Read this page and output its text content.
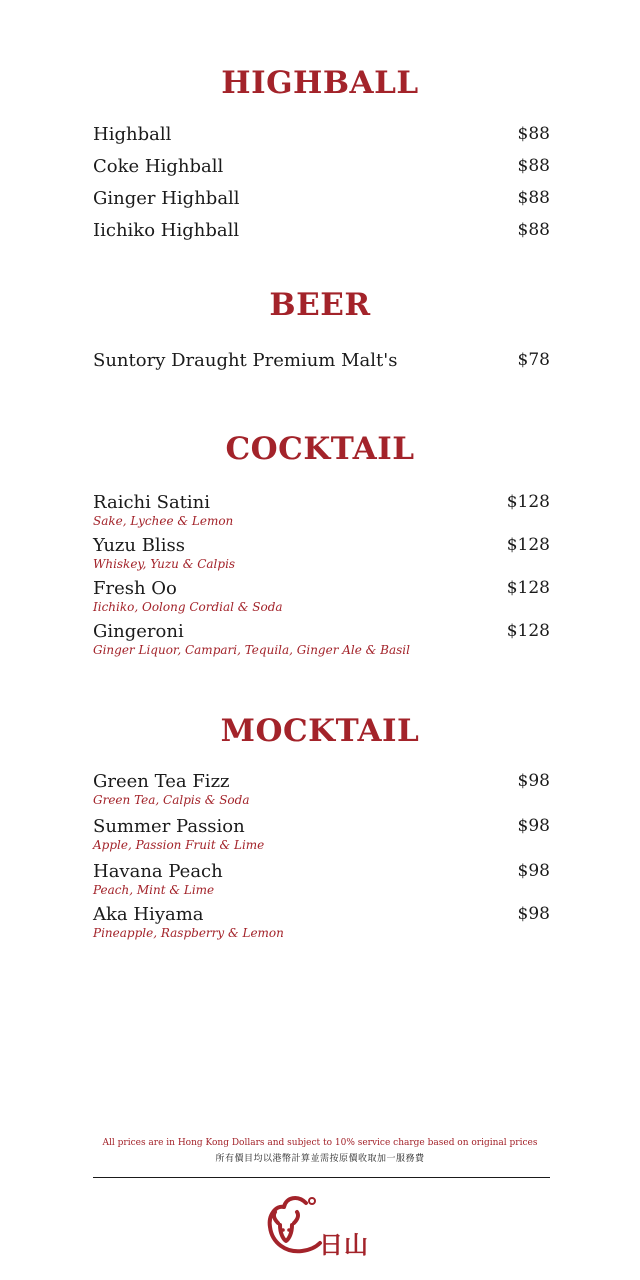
HIGHBALL
Highball	$88
Coke Highball	$88
Ginger Highball	$88
Iichiko Highball	$88
BEER
Suntory Draught Premium Malt's	$78
COCKTAIL
Raichi Satini	$128
Sake, Lychee & Lemon
Yuzu Bliss	$128
Whiskey, Yuzu & Calpis
Fresh Oo	$128
Iichiko, Oolong Cordial & Soda
Gingeroni	$128
Ginger Liquor, Campari, Tequila, Ginger Ale & Basil
MOCKTAIL
Green Tea Fizz	$98
Green Tea, Calpis & Soda
Summer Passion	$98
Apple, Passion Fruit & Lime
Havana Peach	$98
Peach, Mint & Lime
Aka Hiyama	$98
Pineapple, Raspberry & Lemon
All prices are in Hong Kong Dollars and subject to 10% service charge based on original prices
所有價目均以港幣計算並需按原價收取加一服務費
日山
